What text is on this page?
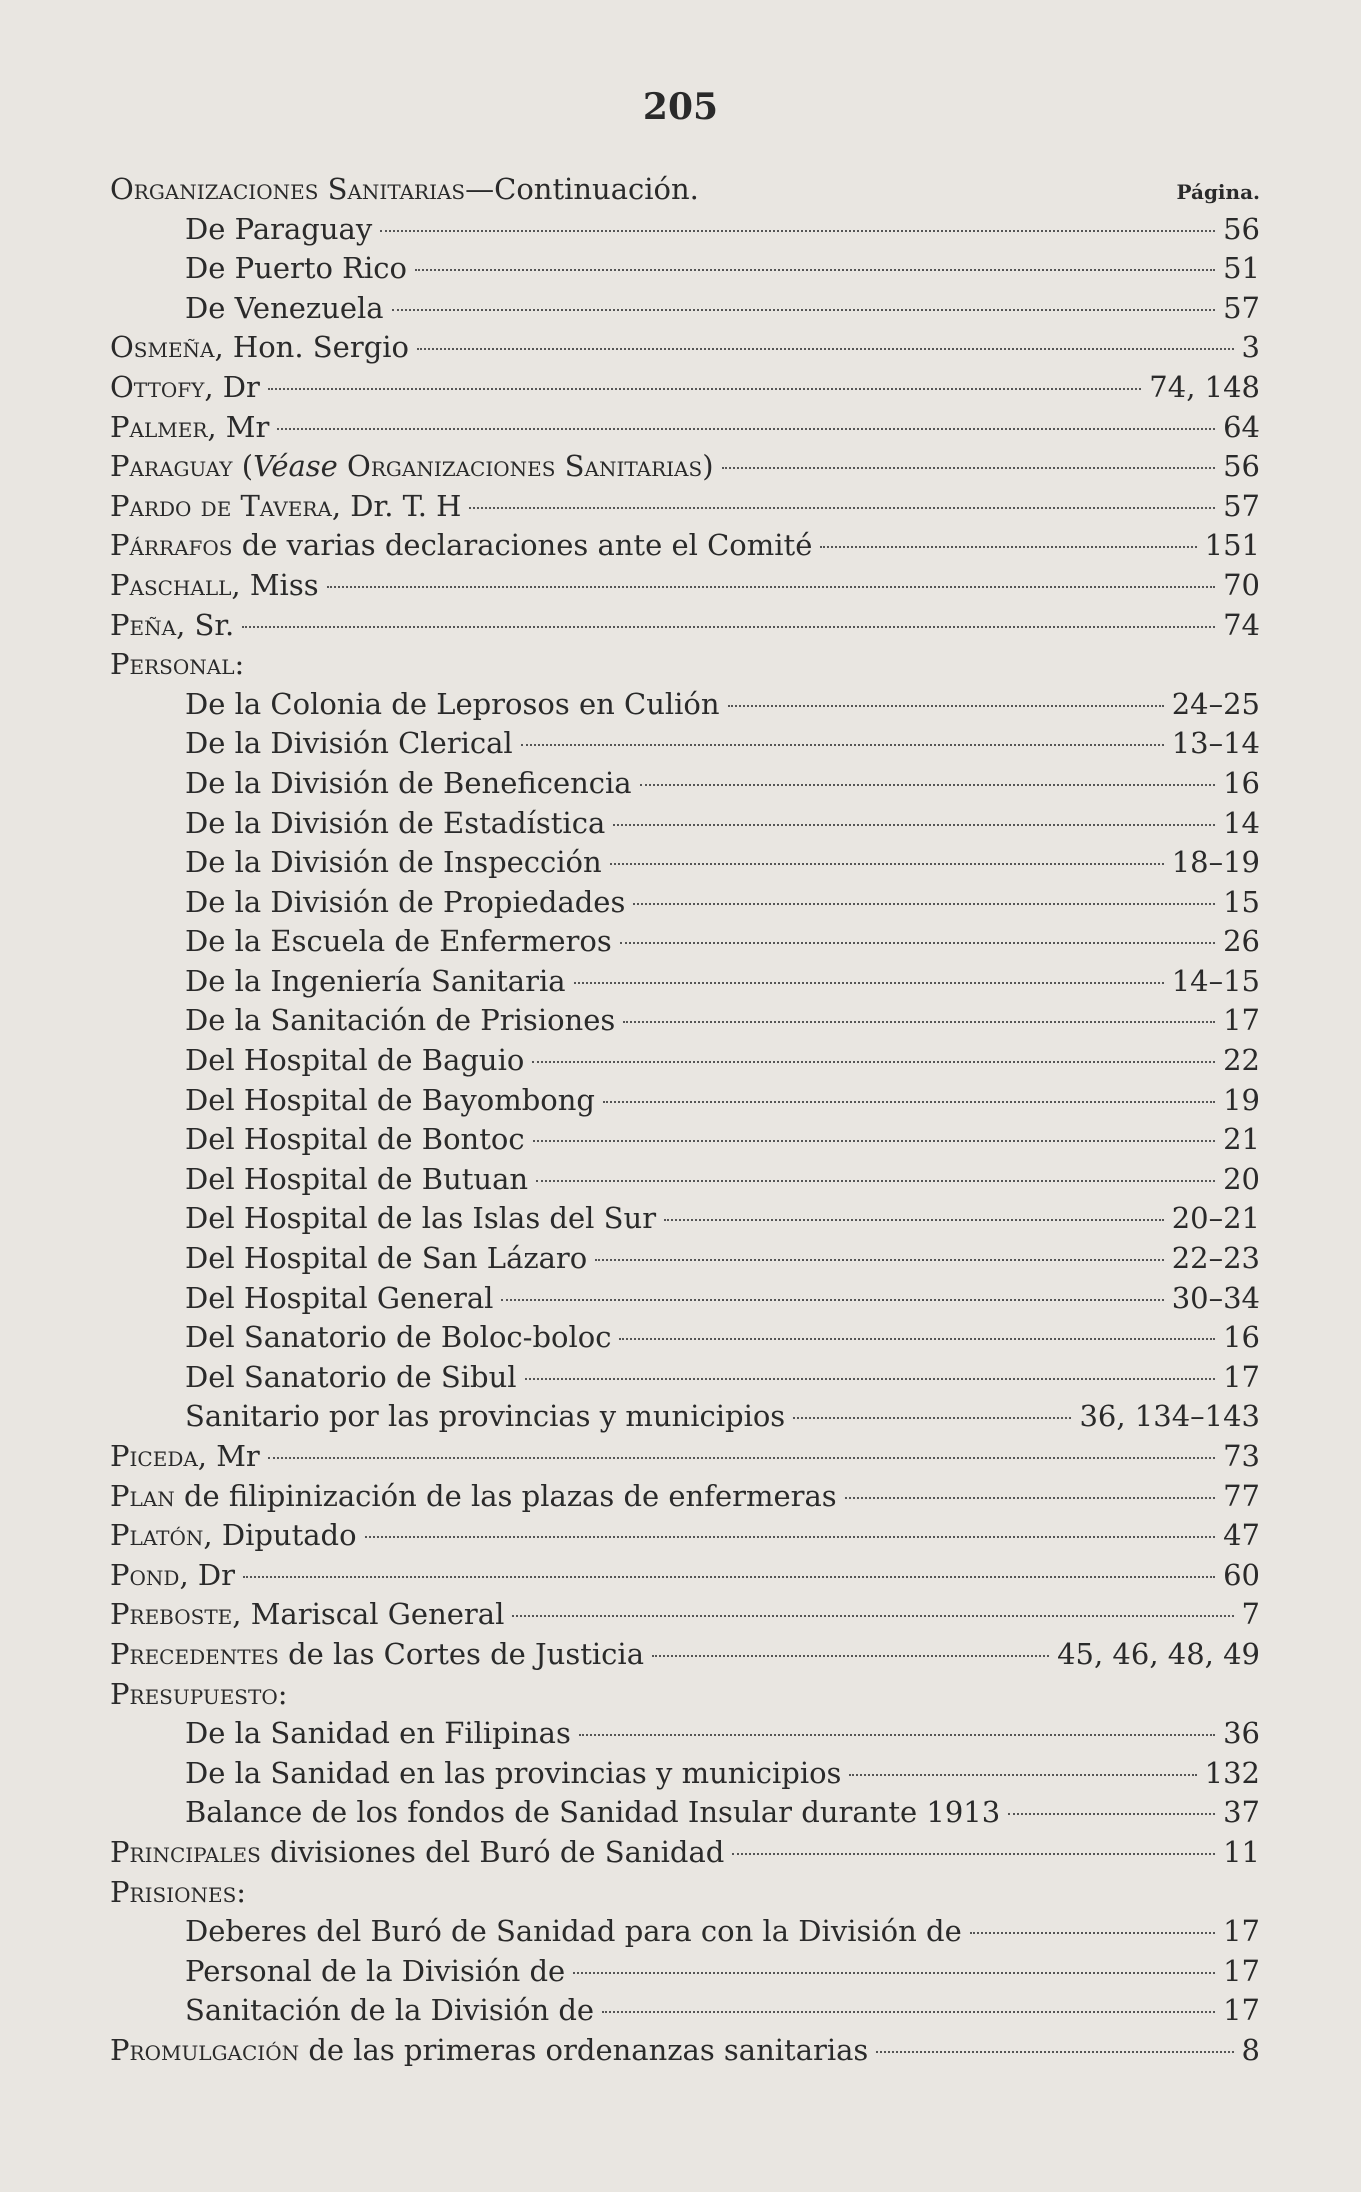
205
Organizaciones Sanitarias—Continuación.	Página.
De Paraguay	56
De Puerto Rico	51
De Venezuela	57
Osmeña, Hon. Sergio	3
Ottofy, Dr	74, 148
Palmer, Mr	64
Paraguay (Véase Organizaciones Sanitarias)	56
Pardo de Tavera, Dr. T. H	57
Párrafos de varias declaraciones ante el Comité	151
Paschall, Miss	70
Peña, Sr.	74
Personal:
De la Colonia de Leprosos en Culión	24–25
De la División Clerical	13–14
De la División de Beneficencia	16
De la División de Estadística	14
De la División de Inspección	18–19
De la División de Propiedades	15
De la Escuela de Enfermeros	26
De la Ingeniería Sanitaria	14–15
De la Sanitación de Prisiones	17
Del Hospital de Baguio	22
Del Hospital de Bayombong	19
Del Hospital de Bontoc	21
Del Hospital de Butuan	20
Del Hospital de las Islas del Sur	20–21
Del Hospital de San Lázaro	22–23
Del Hospital General	30–34
Del Sanatorio de Boloc-boloc	16
Del Sanatorio de Sibul	17
Sanitario por las provincias y municipios	36, 134–143
Piceda, Mr	73
Plan de filipinización de las plazas de enfermeras	77
Platón, Diputado	47
Pond, Dr	60
Preboste, Mariscal General	7
Precedentes de las Cortes de Justicia	45, 46, 48, 49
Presupuesto:
De la Sanidad en Filipinas	36
De la Sanidad en las provincias y municipios	132
Balance de los fondos de Sanidad Insular durante 1913	37
Principales divisiones del Buró de Sanidad	11
Prisiones:
Deberes del Buró de Sanidad para con la División de	17
Personal de la División de	17
Sanitación de la División de	17
Promulgación de las primeras ordenanzas sanitarias	8
